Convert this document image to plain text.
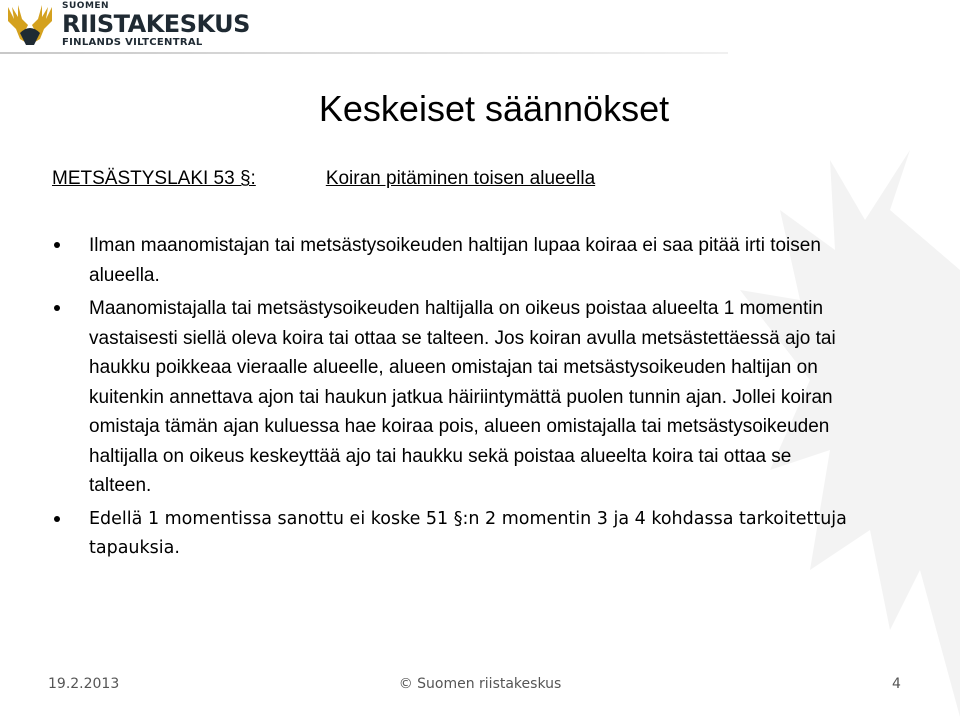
SUOMEN
RIISTAKESKUS
FINLANDS VILTCENTRAL
Keskeiset säännökset
METSÄSTYSLAKI 53 §:	Koiran pitäminen toisen alueella
Ilman maanomistajan tai metsästysoikeuden haltijan lupaa koiraa ei saa pitää irti toisen alueella.
Maanomistajalla tai metsästysoikeuden haltijalla on oikeus poistaa alueelta 1 momentin vastaisesti siellä oleva koira tai ottaa se talteen. Jos koiran avulla metsästettäessä ajo tai haukku poikkeaa vieraalle alueelle, alueen omistajan tai metsästysoikeuden haltijan on kuitenkin annettava ajon tai haukun jatkua häiriintymättä puolen tunnin ajan. Jollei koiran omistaja tämän ajan kuluessa hae koiraa pois, alueen omistajalla tai metsästysoikeuden haltijalla on oikeus keskeyttää ajo tai haukku sekä poistaa alueelta koira tai ottaa se talteen.
Edellä 1 momentissa sanottu ei koske 51 §:n 2 momentin 3 ja 4 kohdassa tarkoitettuja tapauksia.
19.2.2013	© Suomen riistakeskus	4
